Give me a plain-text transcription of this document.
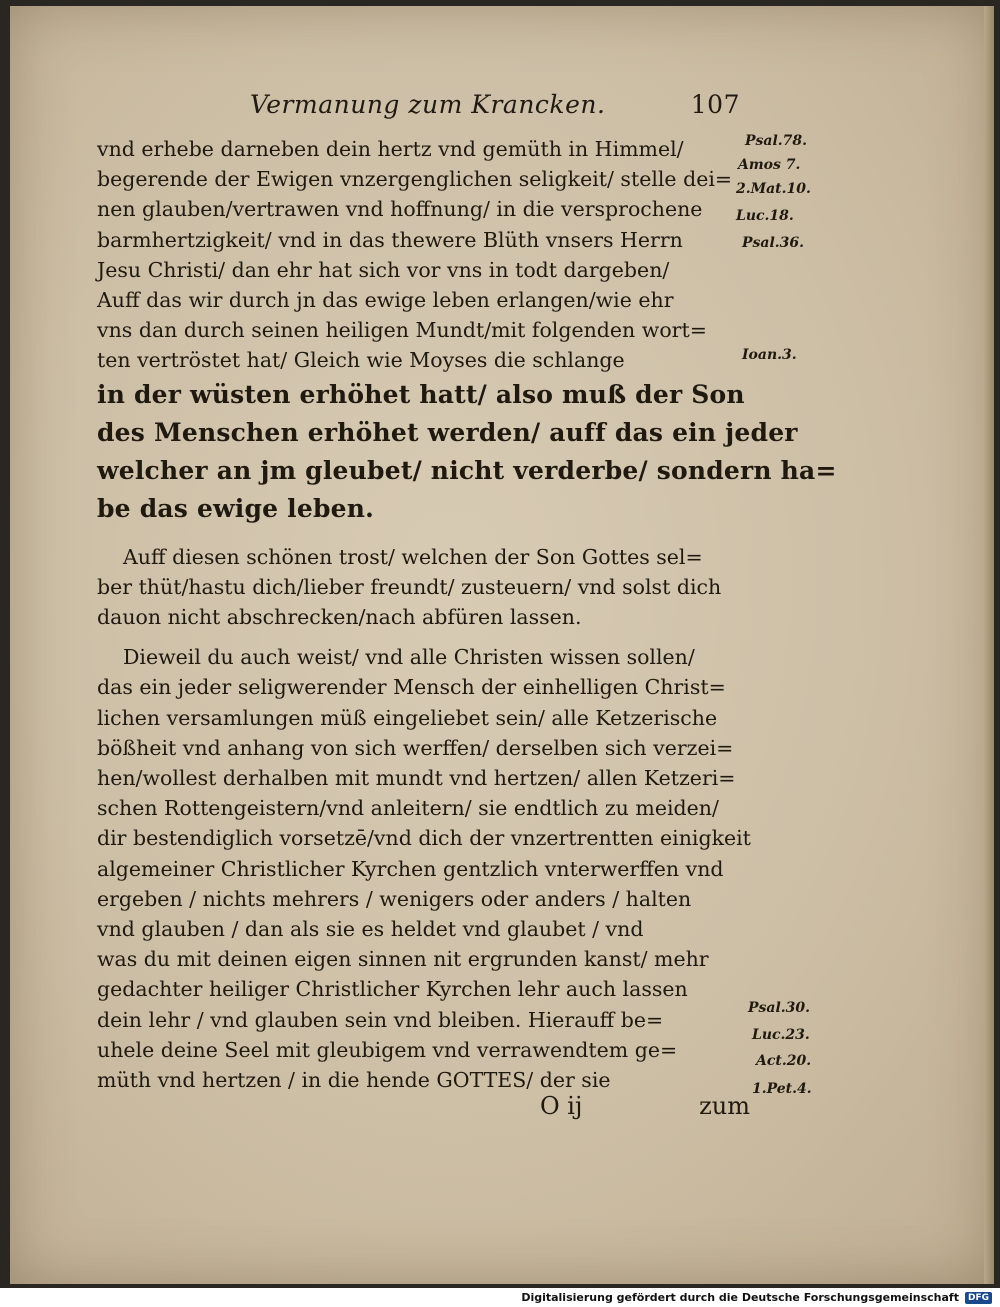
Vermanung zum Krancken.	107
vnd erhebe darneben dein hertz vnd gemüth in Himmel/
begerende der Ewigen vnzergenglichen seligkeit/ stelle dei=
nen glauben/vertrawen vnd hoffnung/ in die versprochene
barmhertzigkeit/ vnd in das thewere Blüth vnsers Herrn
Jesu Christi/ dan ehr hat sich vor vns in todt dargeben/
Auff das wir durch jn das ewige leben erlangen/wie ehr
vns dan durch seinen heiligen Mundt/mit folgenden wort=
ten vertröstet hat/ Gleich wie Moyses die schlange
in der wüsten erhöhet hatt/ also muß der Son
des Menschen erhöhet werden/ auff das ein jeder
welcher an jm gleubet/ nicht verderbe/ sondern ha=
be das ewige leben.
Auff diesen schönen trost/ welchen der Son Gottes sel=
ber thüt/hastu dich/lieber freundt/ zusteuern/ vnd solst dich
dauon nicht abschrecken/nach abfüren lassen.
Dieweil du auch weist/ vnd alle Christen wissen sollen/
das ein jeder seligwerender Mensch der einhelligen Christ=
lichen versamlungen müß eingeliebet sein/ alle Ketzerische
bößheit vnd anhang von sich werffen/ derselben sich verzei=
hen/wollest derhalben mit mundt vnd hertzen/ allen Ketzeri=
schen Rottengeistern/vnd anleitern/ sie endtlich zu meiden/
dir bestendiglich vorsetzē/vnd dich der vnzertrentten einigkeit
algemeiner Christlicher Kyrchen gentzlich vnterwerffen vnd
ergeben / nichts mehrers / wenigers oder anders / halten
vnd glauben / dan als sie es heldet vnd glaubet / vnd
was du mit deinen eigen sinnen nit ergrunden kanst/ mehr
gedachter heiliger Christlicher Kyrchen lehr auch lassen
dein lehr / vnd glauben sein vnd bleiben. Hierauff be=
uhele deine Seel mit gleubigem vnd verrawendtem ge=
müth vnd hertzen / in die hende GOTTES/ der sie
O ij	zum
Psal.78.
Amos 7.
2.Mat.10.
Luc.18.
Psal.36.
Ioan.3.
Psal.30.
Luc.23.
Act.20.
1.Pet.4.
Digitalisierung gefördert durch die Deutsche Forschungsgemeinschaft	DFG
